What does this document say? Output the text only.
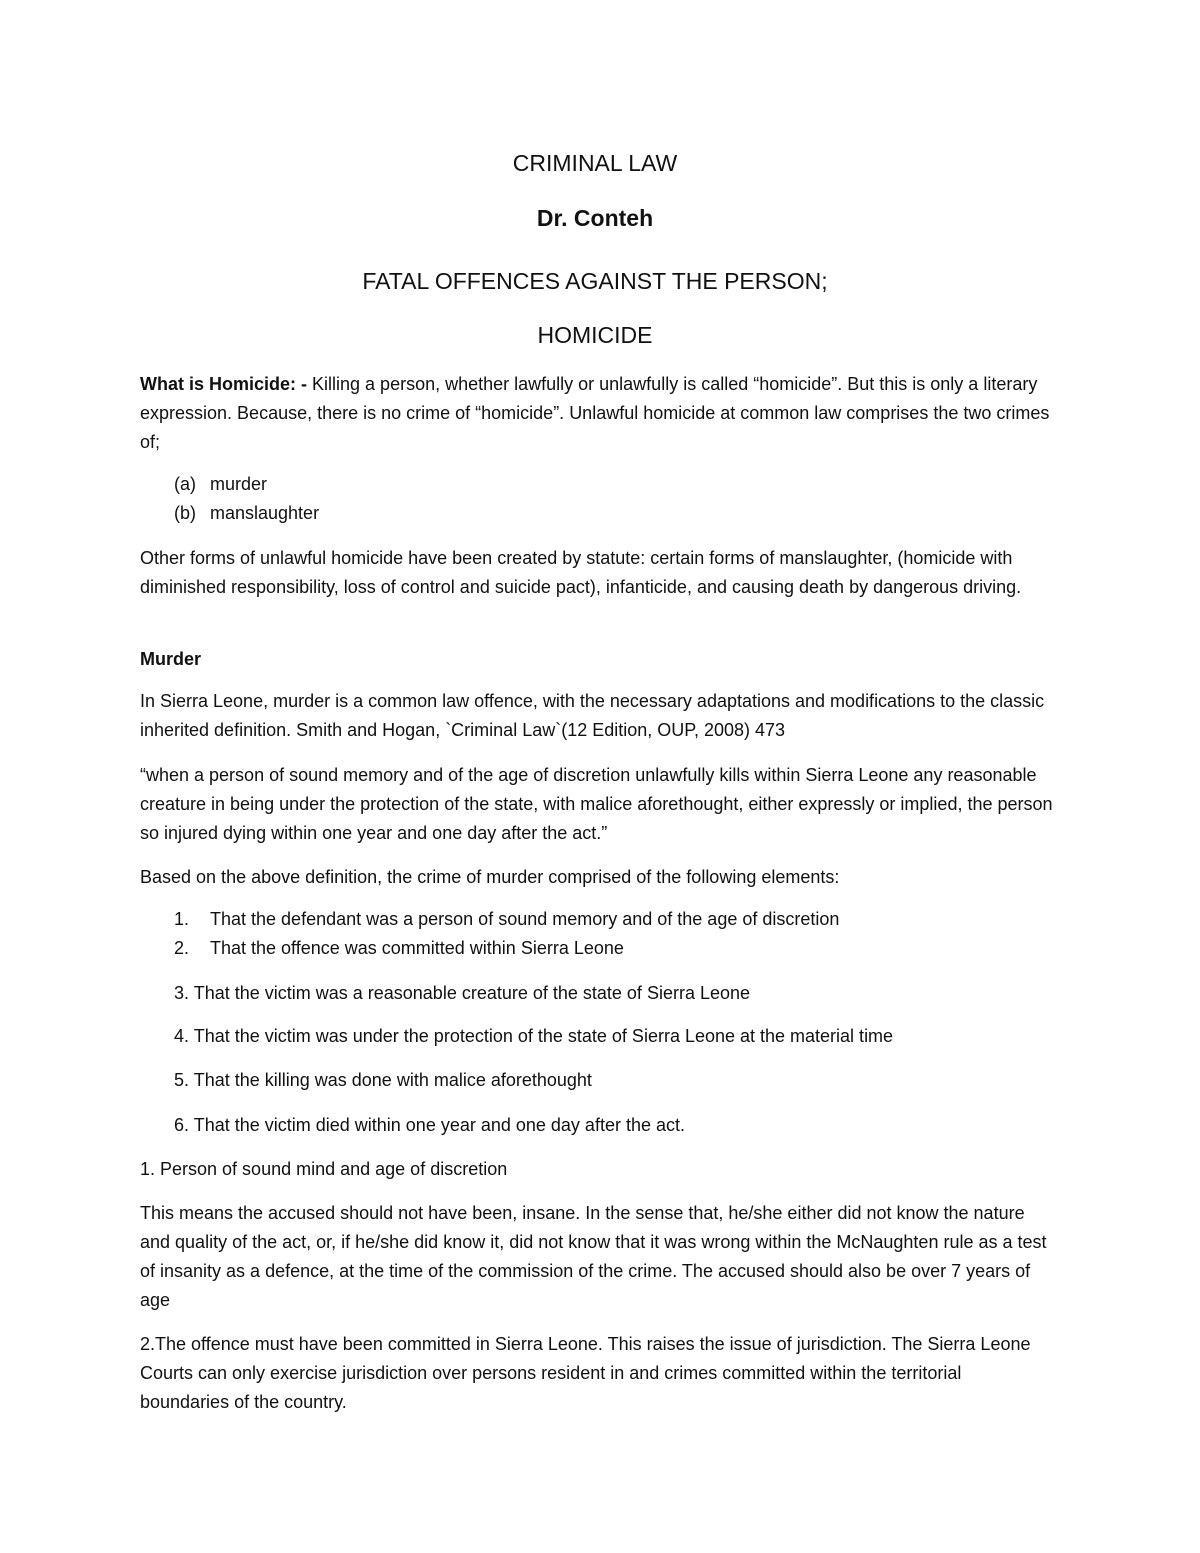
CRIMINAL LAW
Dr. Conteh
FATAL OFFENCES AGAINST THE PERSON;
HOMICIDE

What is Homicide: - Killing a person, whether lawfully or unlawfully is called “homicide”. But this is only a literary expression. Because, there is no crime of “homicide”. Unlawful homicide at common law comprises the two crimes of;

(a) murder
(b) manslaughter

Other forms of unlawful homicide have been created by statute: certain forms of manslaughter, (homicide with diminished responsibility, loss of control and suicide pact), infanticide, and causing death by dangerous driving.

Murder

In Sierra Leone, murder is a common law offence, with the necessary adaptations and modifications to the classic inherited definition. Smith and Hogan, `Criminal Law`(12 Edition, OUP, 2008) 473

“when a person of sound memory and of the age of discretion unlawfully kills within Sierra Leone any reasonable creature in being under the protection of the state, with malice aforethought, either expressly or implied, the person so injured dying within one year and one day after the act.”

Based on the above definition, the crime of murder comprised of the following elements:

1. That the defendant was a person of sound memory and of the age of discretion
2. That the offence was committed within Sierra Leone
3. That the victim was a reasonable creature of the state of Sierra Leone
4. That the victim was under the protection of the state of Sierra Leone at the material time
5. That the killing was done with malice aforethought
6. That the victim died within one year and one day after the act.
1. Person of sound mind and age of discretion

This means the accused should not have been, insane. In the sense that, he/she either did not know the nature and quality of the act, or, if he/she did know it, did not know that it was wrong within the McNaughten rule as a test of insanity as a defence, at the time of the commission of the crime. The accused should also be over 7 years of age

2.The offence must have been committed in Sierra Leone. This raises the issue of jurisdiction. The Sierra Leone Courts can only exercise jurisdiction over persons resident in and crimes committed within the territorial boundaries of the country.
